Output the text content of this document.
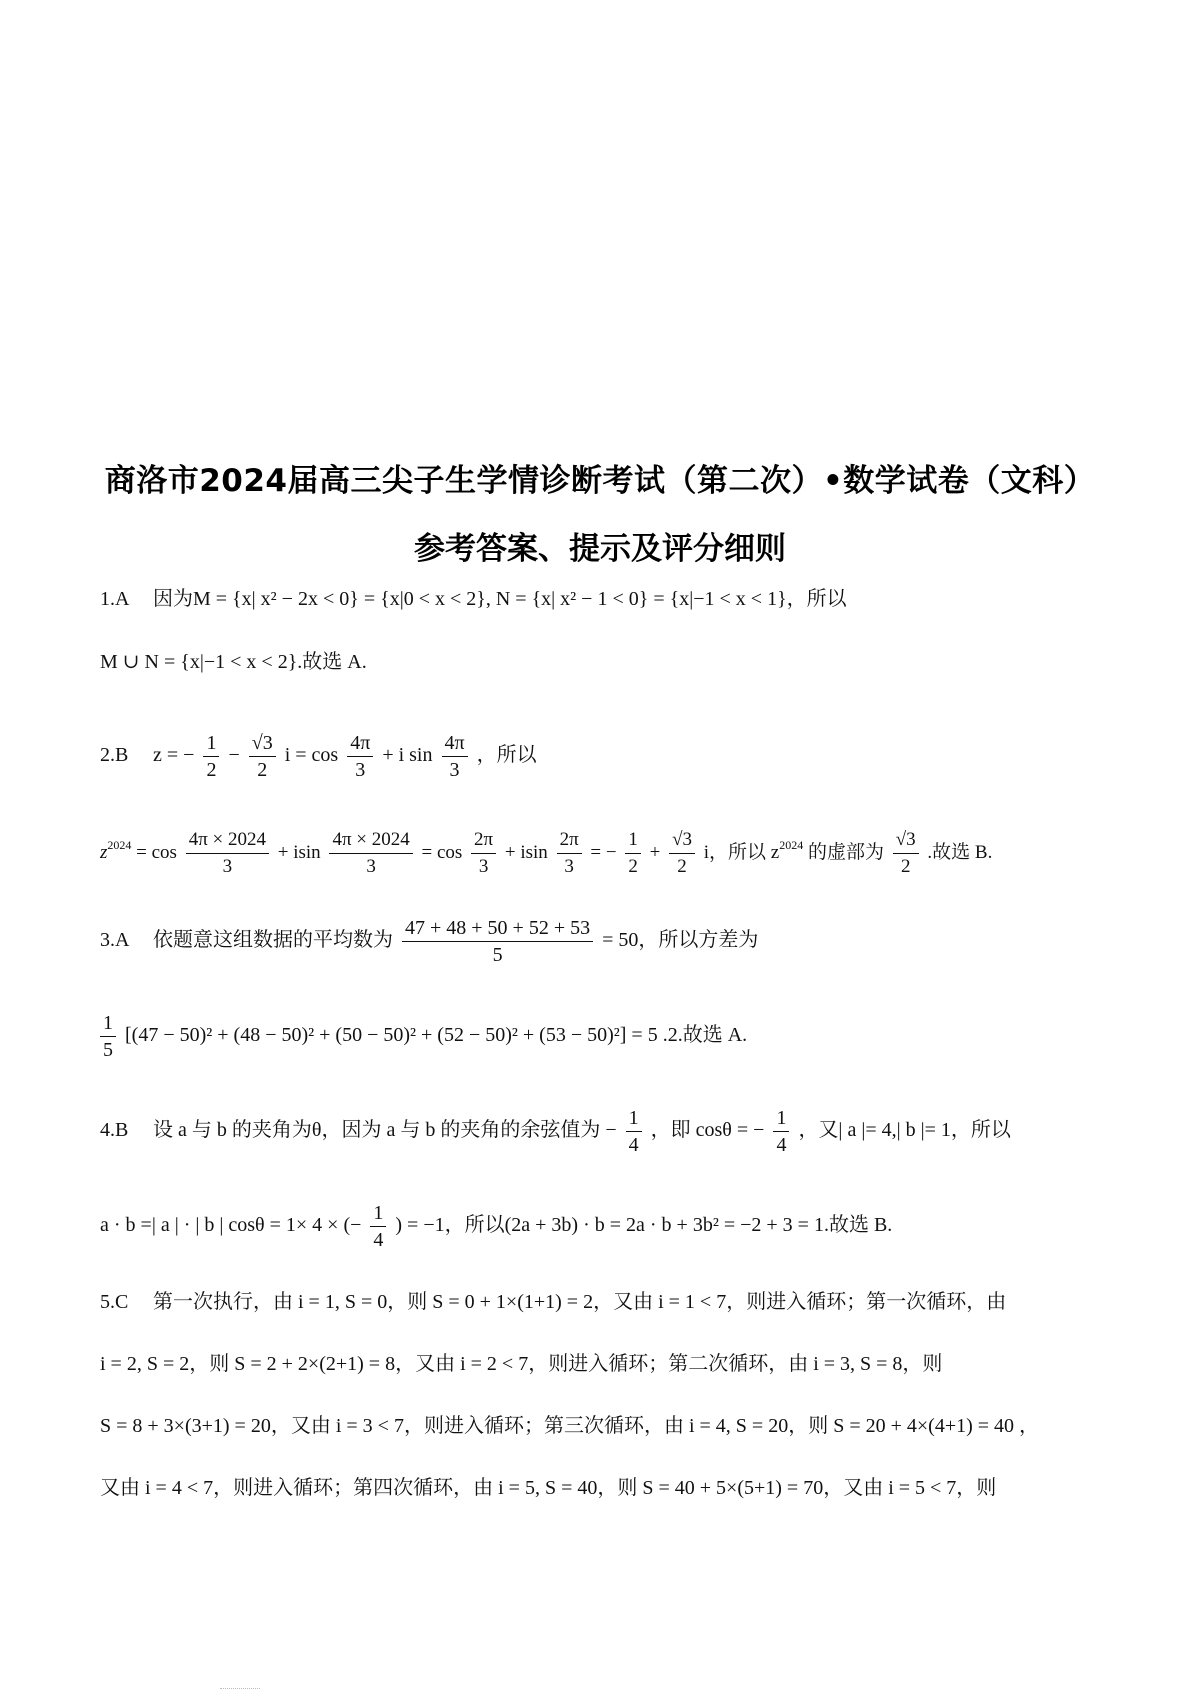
商洛市2024届高三尖子生学情诊断考试（第二次）•数学试卷（文科）
参考答案、提示及评分细则
1.A 因为M = {x| x² − 2x < 0} = {x|0 < x < 2}, N = {x| x² − 1 < 0} = {x|−1 < x < 1}，所以
M ∪ N = {x|−1 < x < 2}.故选 A.
2.B z = − $\frac{1}{2} - \frac{√3}{2}$ $i = \cos \frac{4\pi}{3} + i$ $\sin \frac{4\pi}{3}$ ，所以
$z^{2024} = \cos \frac{4\pi \times 2024}{3} + isin \frac{4\pi \times 2024}{3} = \cos \frac{2\pi}{3} + isin \frac{2\pi}{3}$ = − $\frac{1}{2} + \frac{√3}{2}$ i，所以 $z^{2024}$ 的虚部为 $\frac{√3}{2}$ .故选 B.
3.A 依题意这组数据的平均数为 $\frac{47 + 48 + 50 + 52 + 53}{5} = 50$，所以方差为
$\frac{1}{5} [(47 - 50)^2 + (48 - 50)^2 + (50 - 50)^2 + (52 - 50)^2 + (53 - 50)^2] = 5$ .2.故选 A.
4.B 设 a 与 b 的夹角为θ，因为 a 与 b 的夹角的余弦值为 − $\frac{1}{4}$ ，即 cosθ = − $\frac{1}{4}$ ，又| a |= 4,| b |= 1，所以
a · b =| a | · | b | cosθ = 1× 4 × (− $\frac{1}{4}$ ) = −1，所以(2a + 3b) · b = 2a · b + 3b² = −2 + 3 = 1.故选 B.
5.C 第一次执行，由 i = 1, S = 0，则 S = 0 + 1×(1+1) = 2，又由 i = 1 < 7，则进入循环；第一次循环，由
i = 2, S = 2，则 S = 2 + 2×(2+1) = 8，又由 i = 2 < 7，则进入循环；第二次循环，由 i = 3, S = 8，则
S = 8 + 3×(3+1) = 20，又由 i = 3 < 7，则进入循环；第三次循环，由 i = 4, S = 20，则 S = 20 + 4×(4+1) = 40 ，
又由 i = 4 < 7，则进入循环；第四次循环，由 i = 5, S = 40，则 S = 40 + 5×(5+1) = 70，又由 i = 5 < 7，则
